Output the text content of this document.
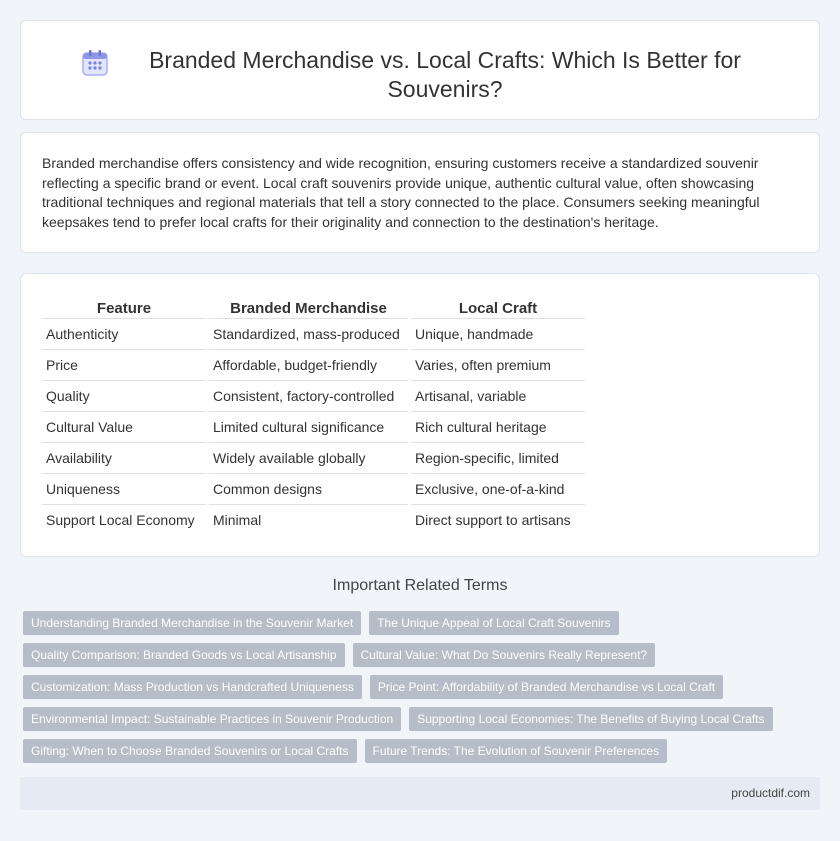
Branded Merchandise vs. Local Crafts: Which Is Better for Souvenirs?

Branded merchandise offers consistency and wide recognition, ensuring customers receive a standardized souvenir reflecting a specific brand or event. Local craft souvenirs provide unique, authentic cultural value, often showcasing traditional techniques and regional materials that tell a story connected to the place. Consumers seeking meaningful keepsakes tend to prefer local crafts for their originality and connection to the destination's heritage.

Feature	Branded Merchandise	Local Craft
Authenticity	Standardized, mass-produced	Unique, handmade
Price	Affordable, budget-friendly	Varies, often premium
Quality	Consistent, factory-controlled	Artisanal, variable
Cultural Value	Limited cultural significance	Rich cultural heritage
Availability	Widely available globally	Region-specific, limited
Uniqueness	Common designs	Exclusive, one-of-a-kind
Support Local Economy	Minimal	Direct support to artisans
Important Related Terms
Understanding Branded Merchandise in the Souvenir Market	The Unique Appeal of Local Craft Souvenirs
Quality Comparison: Branded Goods vs Local Artisanship	Cultural Value: What Do Souvenirs Really Represent?
Customization: Mass Production vs Handcrafted Uniqueness	Price Point: Affordability of Branded Merchandise vs Local Craft
Environmental Impact: Sustainable Practices in Souvenir Production	Supporting Local Economies: The Benefits of Buying Local Crafts
Gifting: When to Choose Branded Souvenirs or Local Crafts	Future Trends: The Evolution of Souvenir Preferences
productdif.com
